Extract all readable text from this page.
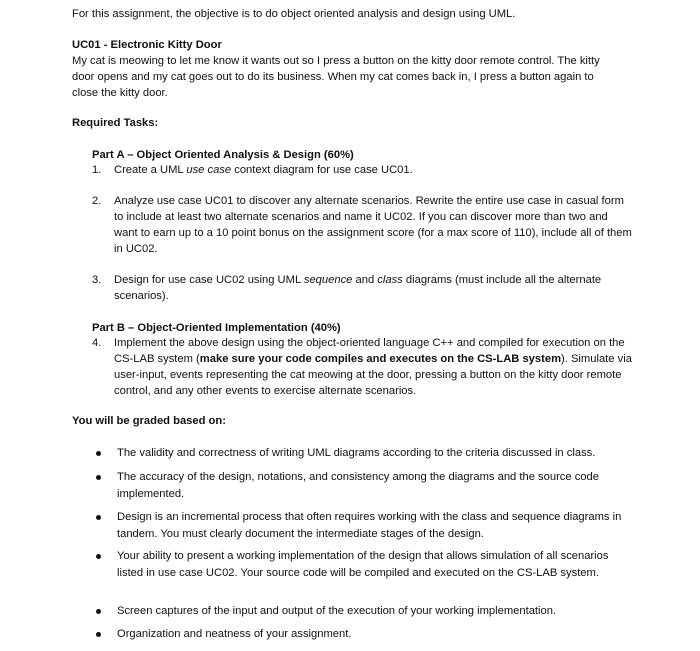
For this assignment, the objective is to do object oriented analysis and design using UML.

UC01 - Electronic Kitty Door

My cat is meowing to let me know it wants out so I press a button on the kitty door remote control. The kitty door opens and my cat goes out to do its business. When my cat comes back in, I press a button again to close the kitty door.

Required Tasks:

Part A – Object Oriented Analysis & Design (60%)

1. Create a UML use case context diagram for use case UC01.
2. Analyze use case UC01 to discover any alternate scenarios. Rewrite the entire use case in casual form to include at least two alternate scenarios and name it UC02. If you can discover more than two and want to earn up to a 10 point bonus on the assignment score (for a max score of 110), include all of them in UC02.
3. Design for use case UC02 using UML sequence and class diagrams (must include all the alternate scenarios).

Part B – Object-Oriented Implementation (40%)

4. Implement the above design using the object-oriented language C++ and compiled for execution on the CS-LAB system (make sure your code compiles and executes on the CS-LAB system). Simulate via user-input, events representing the cat meowing at the door, pressing a button on the kitty door remote control, and any other events to exercise alternate scenarios.

You will be graded based on:

The validity and correctness of writing UML diagrams according to the criteria discussed in class.
The accuracy of the design, notations, and consistency among the diagrams and the source code implemented.
Design is an incremental process that often requires working with the class and sequence diagrams in tandem. You must clearly document the intermediate stages of the design.
Your ability to present a working implementation of the design that allows simulation of all scenarios listed in use case UC02. Your source code will be compiled and executed on the CS-LAB system.
Screen captures of the input and output of the execution of your working implementation.
Organization and neatness of your assignment.
